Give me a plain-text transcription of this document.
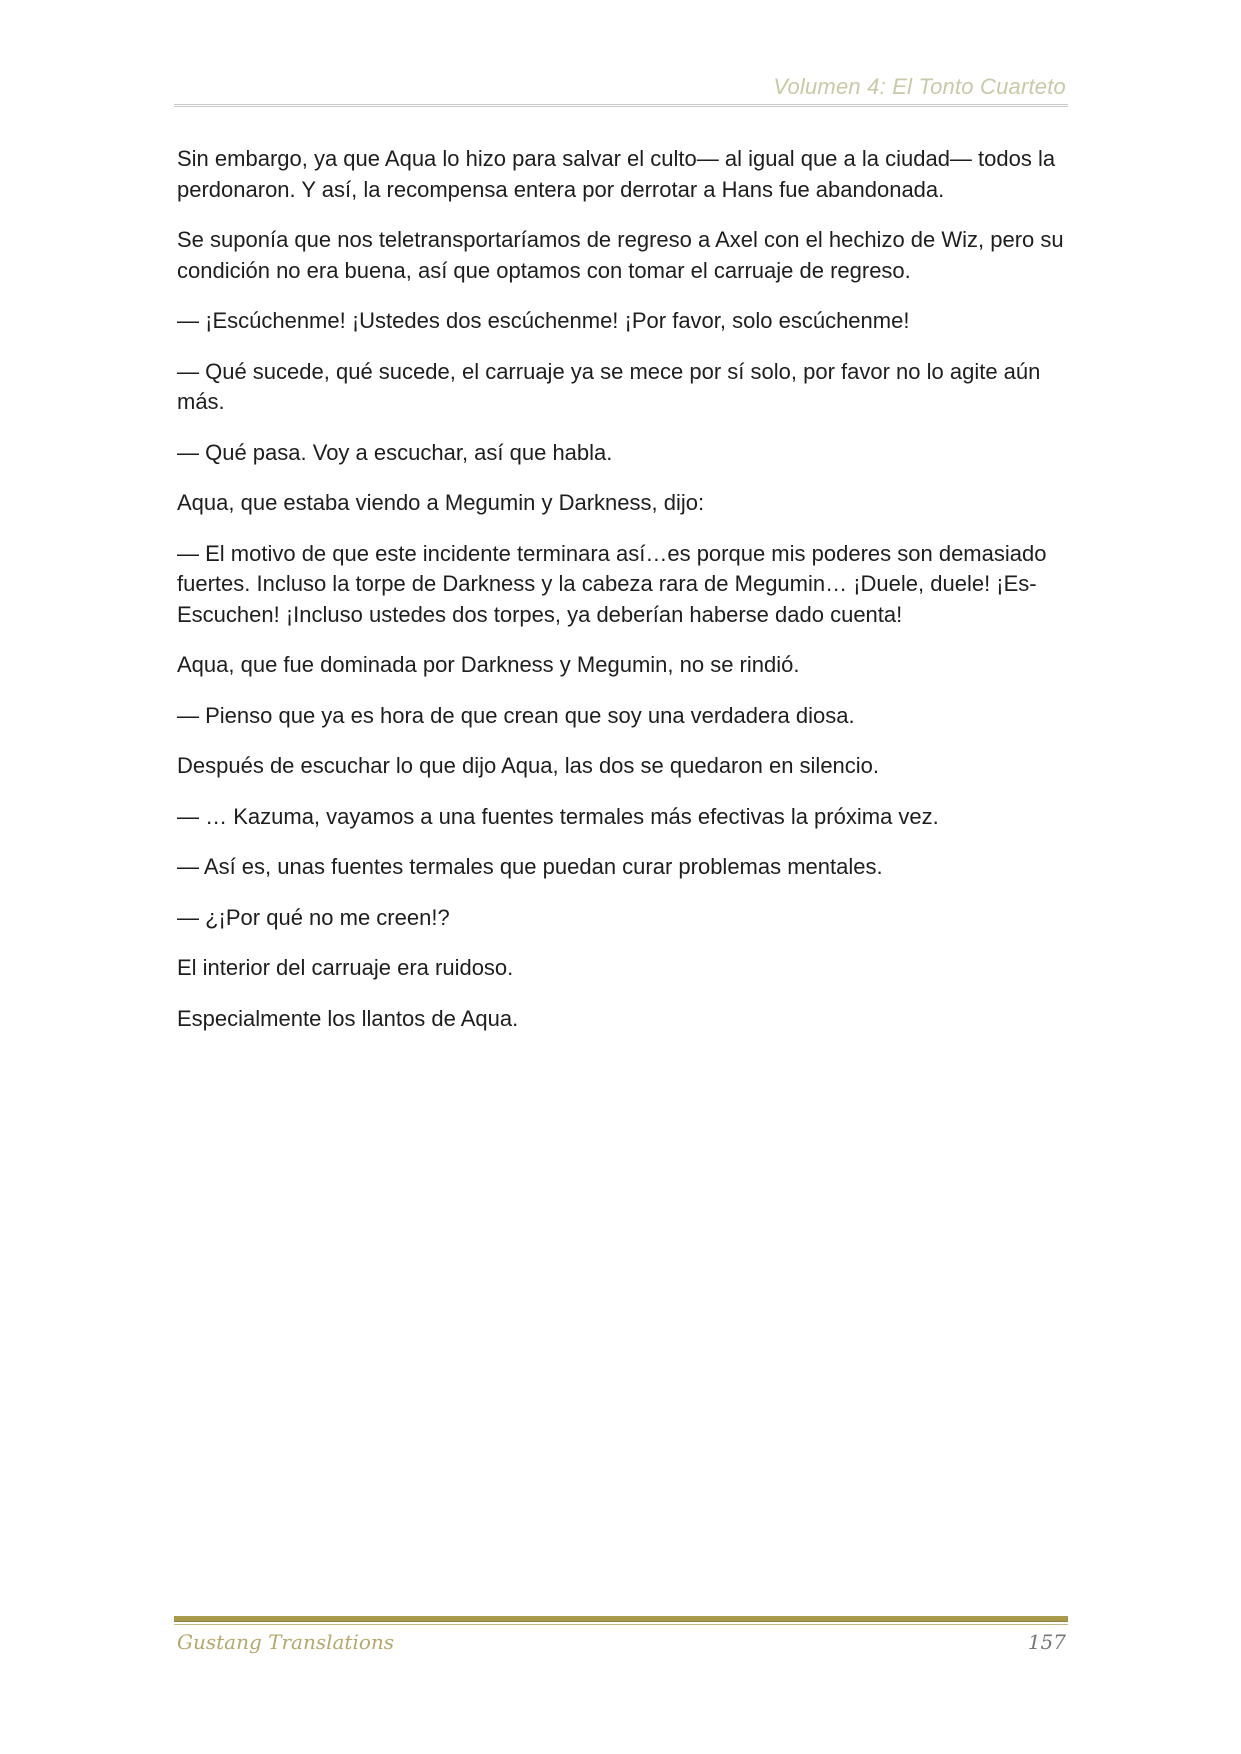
Volumen 4: El Tonto Cuarteto

Sin embargo, ya que Aqua lo hizo para salvar el culto— al igual que a la ciudad— todos la perdonaron. Y así, la recompensa entera por derrotar a Hans fue abandonada.

Se suponía que nos teletransportaríamos de regreso a Axel con el hechizo de Wiz, pero su condición no era buena, así que optamos con tomar el carruaje de regreso.

— ¡Escúchenme! ¡Ustedes dos escúchenme! ¡Por favor, solo escúchenme!

— Qué sucede, qué sucede, el carruaje ya se mece por sí solo, por favor no lo agite aún más.

— Qué pasa. Voy a escuchar, así que habla.

Aqua, que estaba viendo a Megumin y Darkness, dijo:

— El motivo de que este incidente terminara así…es porque mis poderes son demasiado fuertes. Incluso la torpe de Darkness y la cabeza rara de Megumin… ¡Duele, duele! ¡Es-Escuchen! ¡Incluso ustedes dos torpes, ya deberían haberse dado cuenta!

Aqua, que fue dominada por Darkness y Megumin, no se rindió.

— Pienso que ya es hora de que crean que soy una verdadera diosa.

Después de escuchar lo que dijo Aqua, las dos se quedaron en silencio.

— … Kazuma, vayamos a una fuentes termales más efectivas la próxima vez.

— Así es, unas fuentes termales que puedan curar problemas mentales.

— ¿¡Por qué no me creen!?

El interior del carruaje era ruidoso.

Especialmente los llantos de Aqua.

Gustang Translations	157
